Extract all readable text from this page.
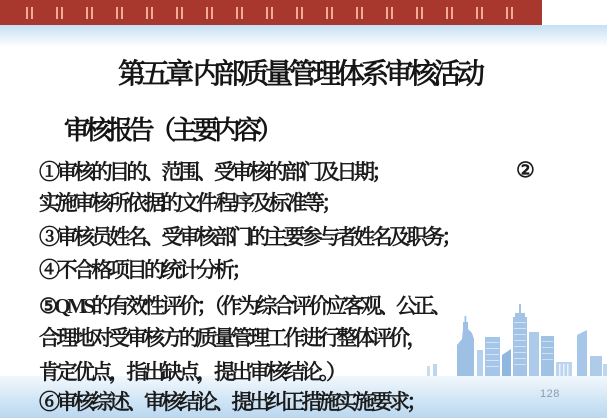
第五章 内部质量管理体系审核活动
审核报告（主要内容）
①审核的目的、范围、受审核的部门及日期；
实施审核所依据的文件/程序及标准等；
③审核员姓名、受审核部门的主要参与者姓名及职务；
④不合格项目的统计分析；
⑤QMS的有效性评价；（作为综合评价应客观、公正、
合理地对受审核方的质量管理工作进行整体评价，
肯定优点，指出缺点，提出审核结论。）
⑥审核综述、审核结论、提出纠正措施实施要求；
②
128
